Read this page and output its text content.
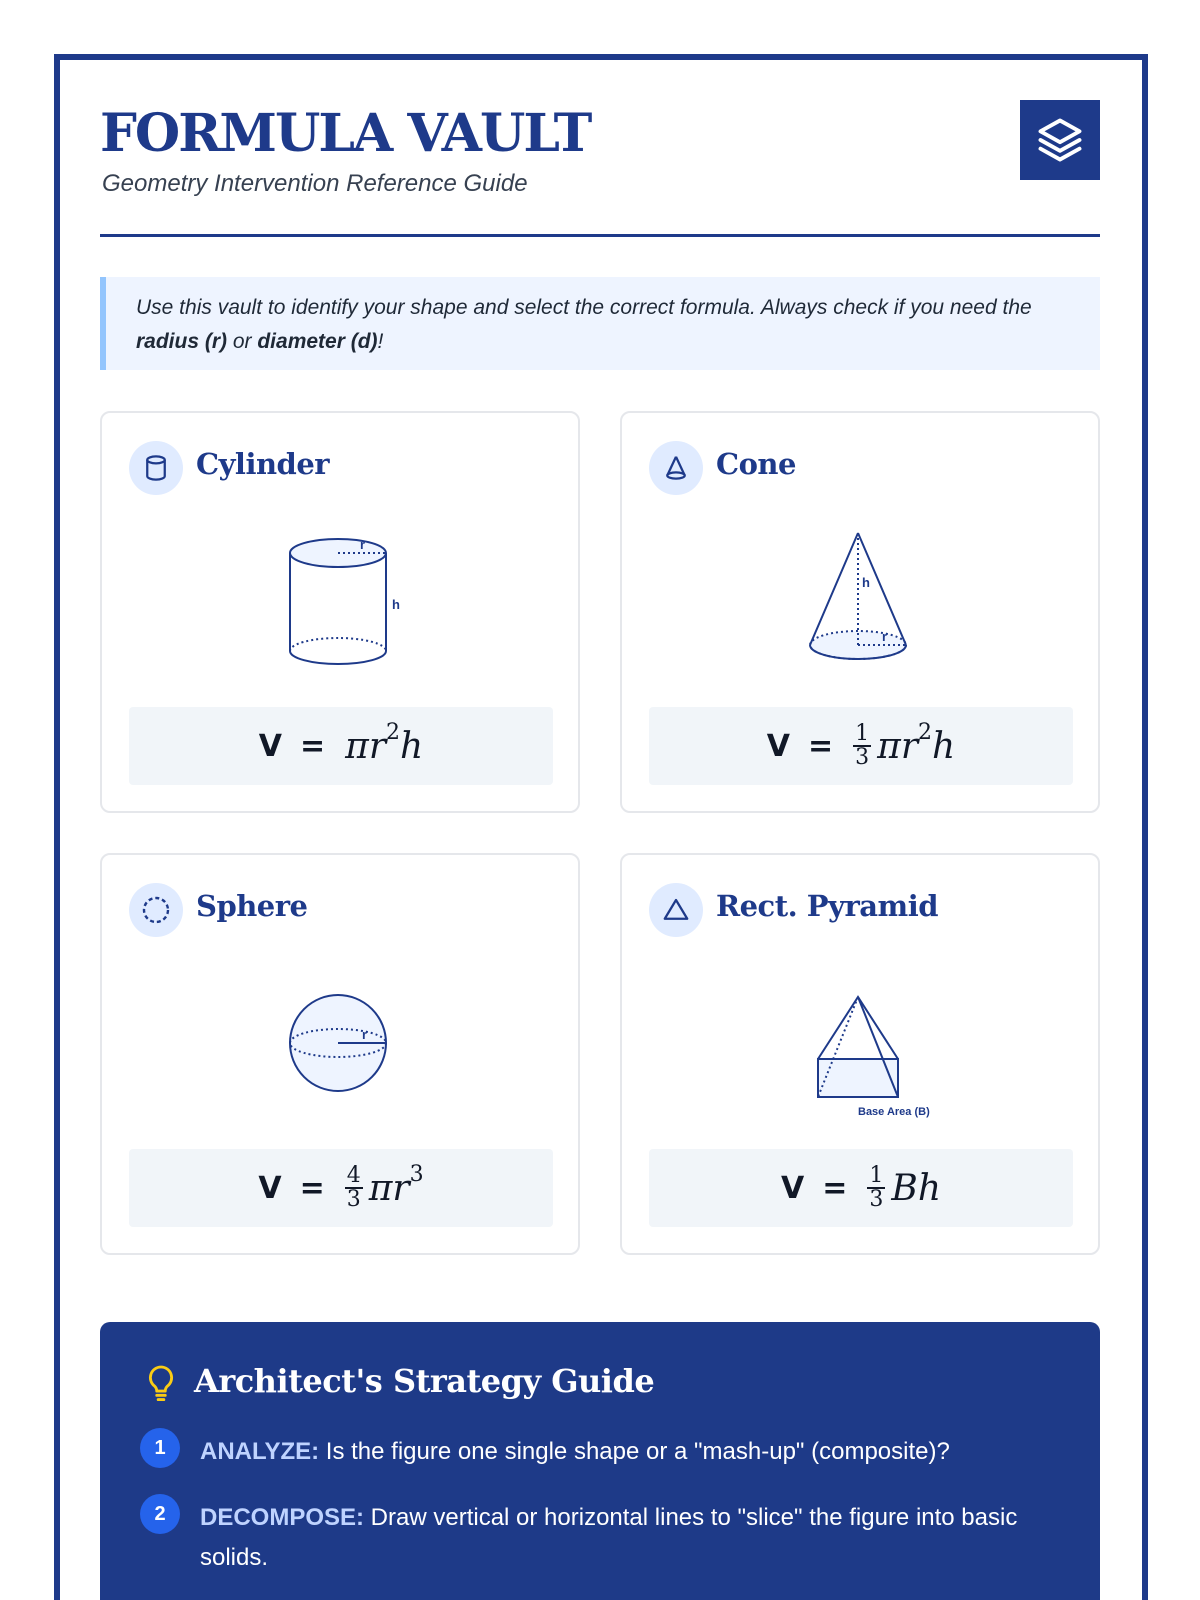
FORMULA VAULT
Geometry Intervention Reference Guide
Use this vault to identify your shape and select the correct formula. Always check if you need the radius (r) or diameter (d)!
Cylinder
r
h
V = π $r^2$ h
Cone
h
r
$V = \frac{1}{3}$ π $r^2$ h
Sphere
r
$V = \frac{4}{3}$ π $r^3$
Rect. Pyramid
Base Area (B)
$V = \frac{1}{3}$ Bh
Architect's Strategy Guide
1	ANALYZE: Is the figure one single shape or a "mash-up" (composite)?
2	DECOMPOSE: Draw vertical or horizontal lines to "slice" the figure into basic solids.
